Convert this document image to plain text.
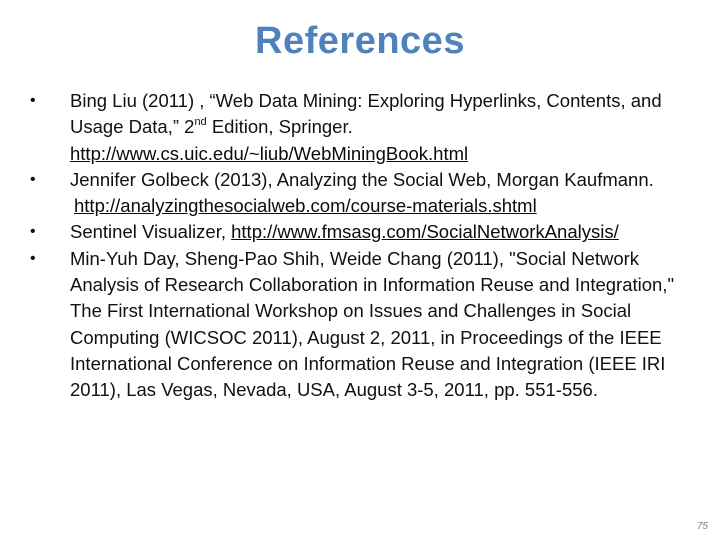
References
• Bing Liu (2011) , “Web Data Mining: Exploring Hyperlinks, Contents, and Usage Data,” 2nd Edition, Springer.
http://www.cs.uic.edu/~liub/WebMiningBook.html
• Jennifer Golbeck (2013), Analyzing the Social Web, Morgan Kaufmann.
http://analyzingthesocialweb.com/course-materials.shtml
• Sentinel Visualizer, http://www.fmsasg.com/SocialNetworkAnalysis/
• Min-Yuh Day, Sheng-Pao Shih, Weide Chang (2011), "Social Network Analysis of Research Collaboration in Information Reuse and Integration," The First International Workshop on Issues and Challenges in Social Computing (WICSOC 2011), August 2, 2011, in Proceedings of the IEEE International Conference on Information Reuse and Integration (IEEE IRI 2011), Las Vegas, Nevada, USA, August 3-5, 2011, pp. 551-556.
75
